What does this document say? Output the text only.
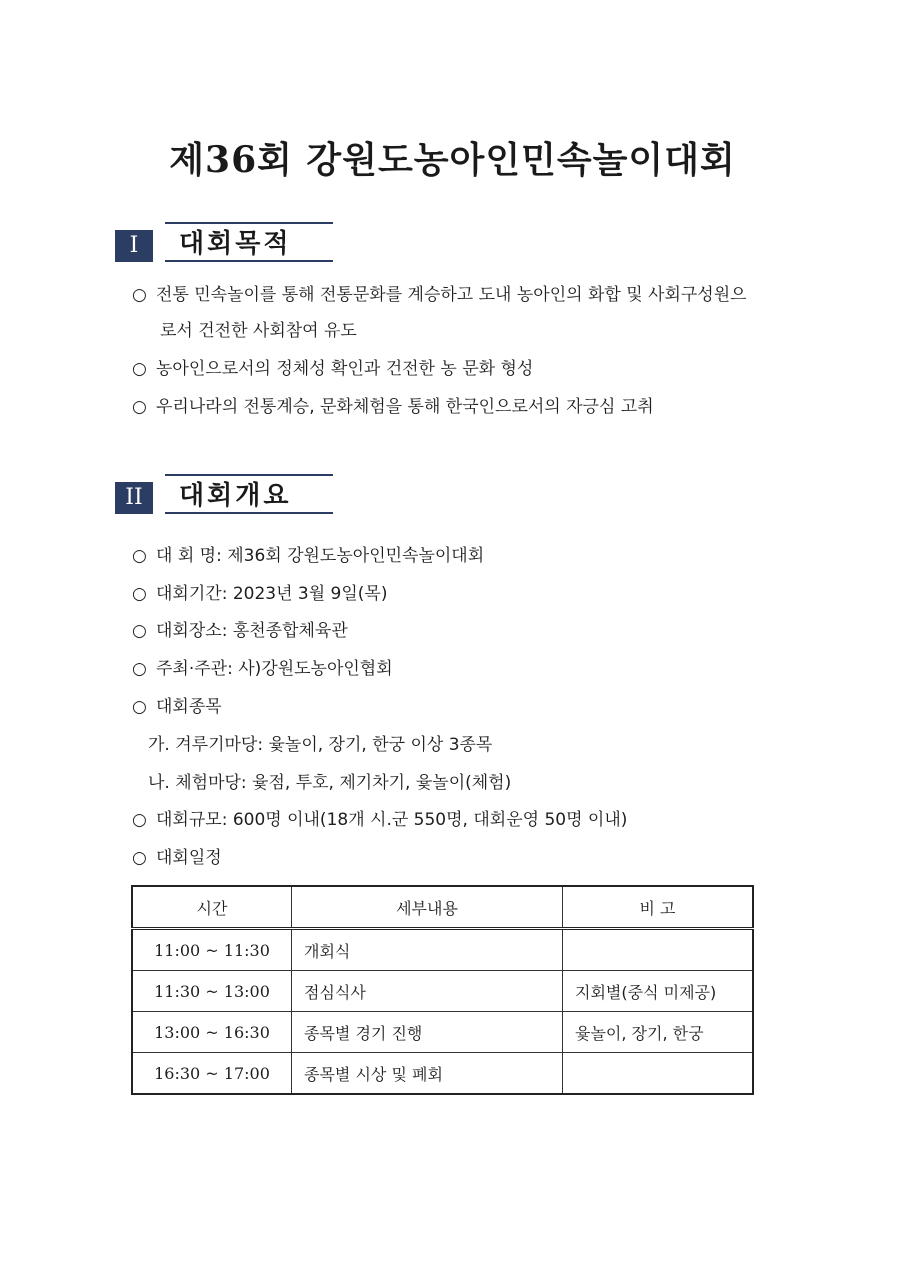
제36회 강원도농아인민속놀이대회
I	대회목적
○ 전통 민속놀이를 통해 전통문화를 계승하고 도내 농아인의 화합 및 사회구성원으
로서 건전한 사회참여 유도
○ 농아인으로서의 정체성 확인과 건전한 농 문화 형성
○ 우리나라의 전통계승, 문화체험을 통해 한국인으로서의 자긍심 고취
II	대회개요
○ 대 회 명: 제36회 강원도농아인민속놀이대회
○ 대회기간: 2023년 3월 9일(목)
○ 대회장소: 홍천종합체육관
○ 주최·주관: 사)강원도농아인협회
○ 대회종목
가. 겨루기마당: 윷놀이, 장기, 한궁 이상 3종목
나. 체험마당: 윷점, 투호, 제기차기, 윷놀이(체험)
○ 대회규모: 600명 이내(18개 시.군 550명, 대회운영 50명 이내)
○ 대회일정
시간	세부내용	비 고
11:00 ~ 11:30	개회식	
11:30 ~ 13:00	점심식사	지회별(중식 미제공)
13:00 ~ 16:30	종목별 경기 진행	윷놀이, 장기, 한궁
16:30 ~ 17:00	종목별 시상 및 폐회	
